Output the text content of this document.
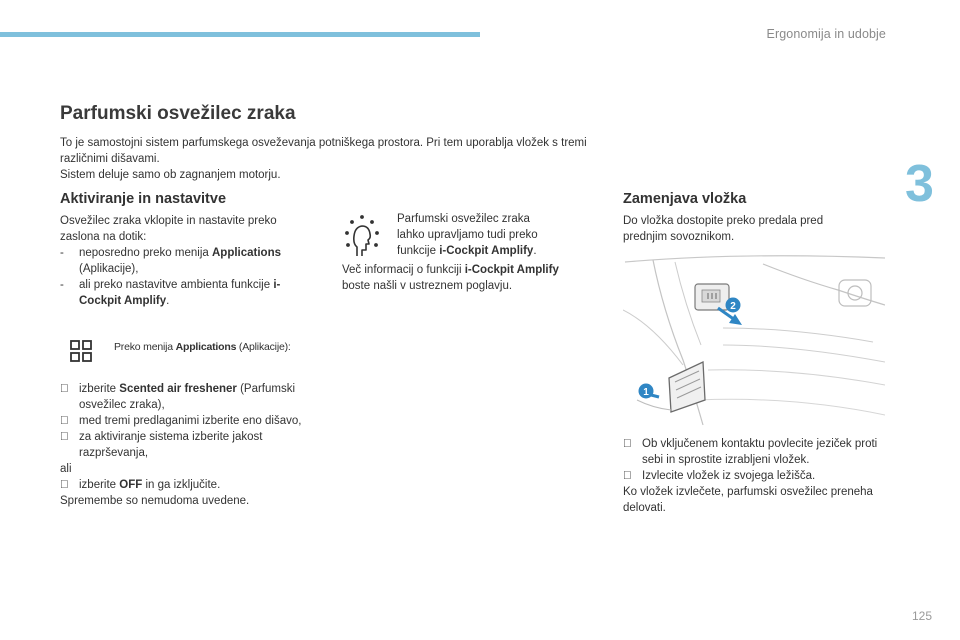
Ergonomija in udobje
3
125
Parfumski osvežilec zraka

To je samostojni sistem parfumskega osveževanja potniškega prostora. Pri tem uporablja vložek s tremi različnimi dišavami.

Sistem deluje samo ob zagnanjem motorju.

Aktiviranje in nastavitve

Osvežilec zraka vklopite in nastavite preko zaslona na dotik:

-	neposredno preko menija Applications (Aplikacije),
-	ali preko nastavitve ambienta funkcije i-Cockpit Amplify.
Preko menija Applications (Aplikacije):
izberite Scented air freshener (Parfumski osvežilec zraka),
med tremi predlaganimi izberite eno dišavo,
za aktiviranje sistema izberite jakost razprševanja,

ali

izberite OFF in ga izključite.

Spremembe so nemudoma uvedene.

Parfumski osvežilec zraka lahko upravljamo tudi preko funkcije i-Cockpit Amplify.
Več informacij o funkciji i-Cockpit Amplify boste našli v ustreznem poglavju.
Zamenjava vložka
Do vložka dostopite preko predala pred prednjim sovoznikom.
2
1
Ob vključenem kontaktu povlecite jeziček proti sebi in sprostite izrabljeni vložek.
Izvlecite vložek iz svojega ležišča.

Ko vložek izvlečete, parfumski osvežilec preneha delovati.
